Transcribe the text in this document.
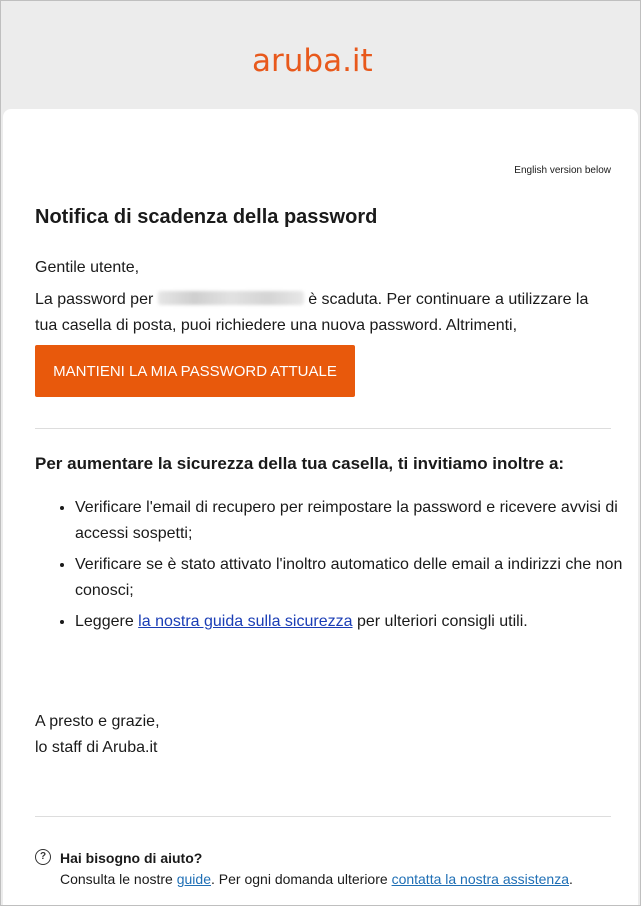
aruba.it
English version below
Notifica di scadenza della password
Gentile utente,
La password per	è scaduta. Per continuare a utilizzare la tua casella di posta, puoi richiedere una nuova password. Altrimenti,
MANTIENI LA MIA PASSWORD ATTUALE
Per aumentare la sicurezza della tua casella, ti invitiamo inoltre a:
• Verificare l'email di recupero per reimpostare la password e ricevere avvisi di accessi sospetti;
• Verificare se è stato attivato l'inoltro automatico delle email a indirizzi che non conosci;
• Leggere la nostra guida sulla sicurezza per ulteriori consigli utili.
A presto e grazie,
lo staff di Aruba.it
? Hai bisogno di aiuto?
Consulta le nostre guide. Per ogni domanda ulteriore contatta la nostra assistenza.
